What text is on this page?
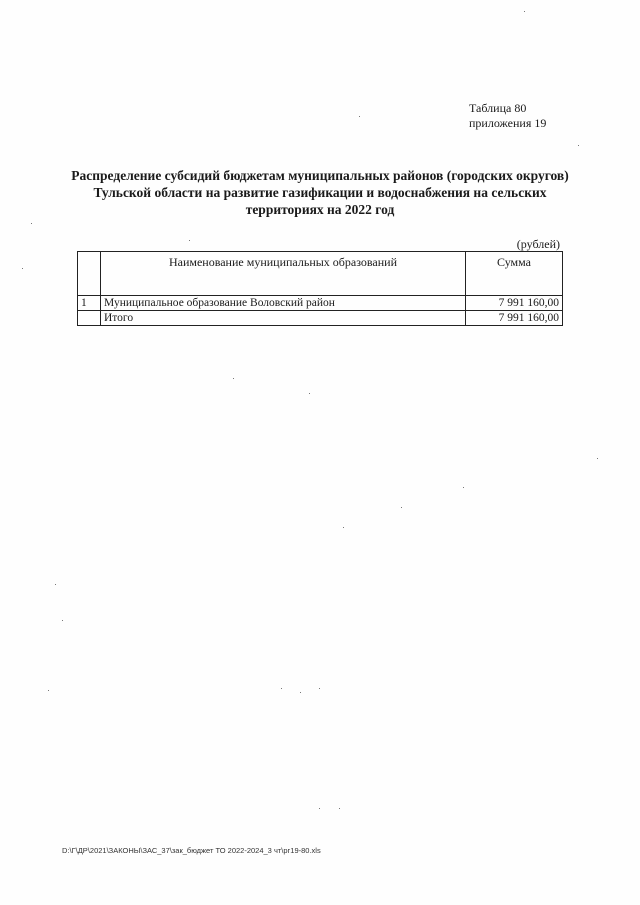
Таблица 80
приложения 19
Распределение субсидий бюджетам муниципальных районов (городских округов)
Тульской области на развитие газификации и водоснабжения на сельских
территориях на 2022 год
(рублей)
	Наименование муниципальных образований	Сумма
1	Муниципальное образование Воловский район	7 991 160,00
	Итого	7 991 160,00
D:\Г\ДР\2021\ЗАКОНЫ\ЗАС_37\зак_бюджет ТО 2022-2024_3 чт\рг19-80.xls
